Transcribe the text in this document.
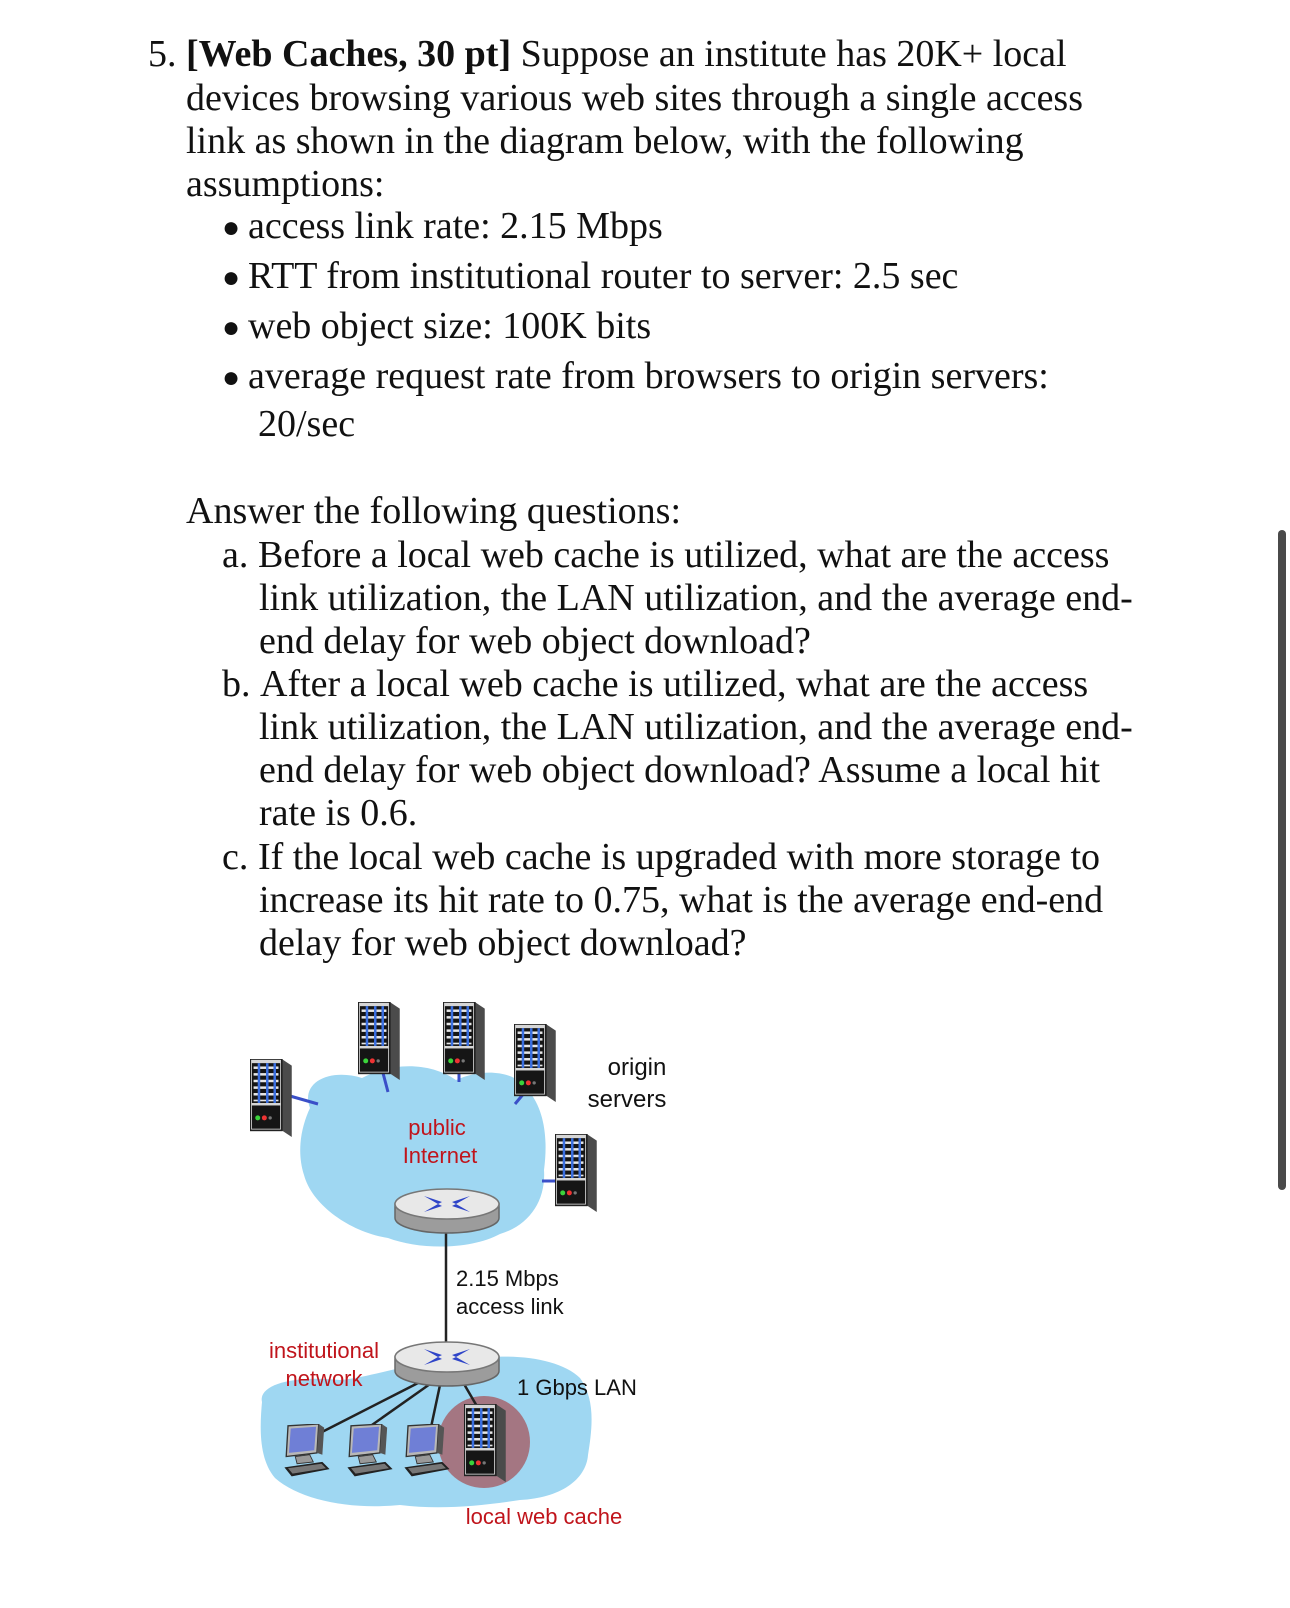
5. [Web Caches, 30 pt] Suppose an institute has 20K+ local
devices browsing various web sites through a single access
link as shown in the diagram below, with the following
assumptions:
● access link rate: 2.15 Mbps
● RTT from institutional router to server: 2.5 sec
● web object size: 100K bits
● average request rate from browsers to origin servers:
20/sec
Answer the following questions:
a. Before a local web cache is utilized, what are the access
link utilization, the LAN utilization, and the average end-
end delay for web object download?
b. After a local web cache is utilized, what are the access
link utilization, the LAN utilization, and the average end-
end delay for web object download? Assume a local hit
rate is 0.6.
c. If the local web cache is upgraded with more storage to
increase its hit rate to 0.75, what is the average end-end
delay for web object download?
origin
servers
public
Internet
2.15 Mbps
access link
institutional
network	1 Gbps LAN
local web cache
